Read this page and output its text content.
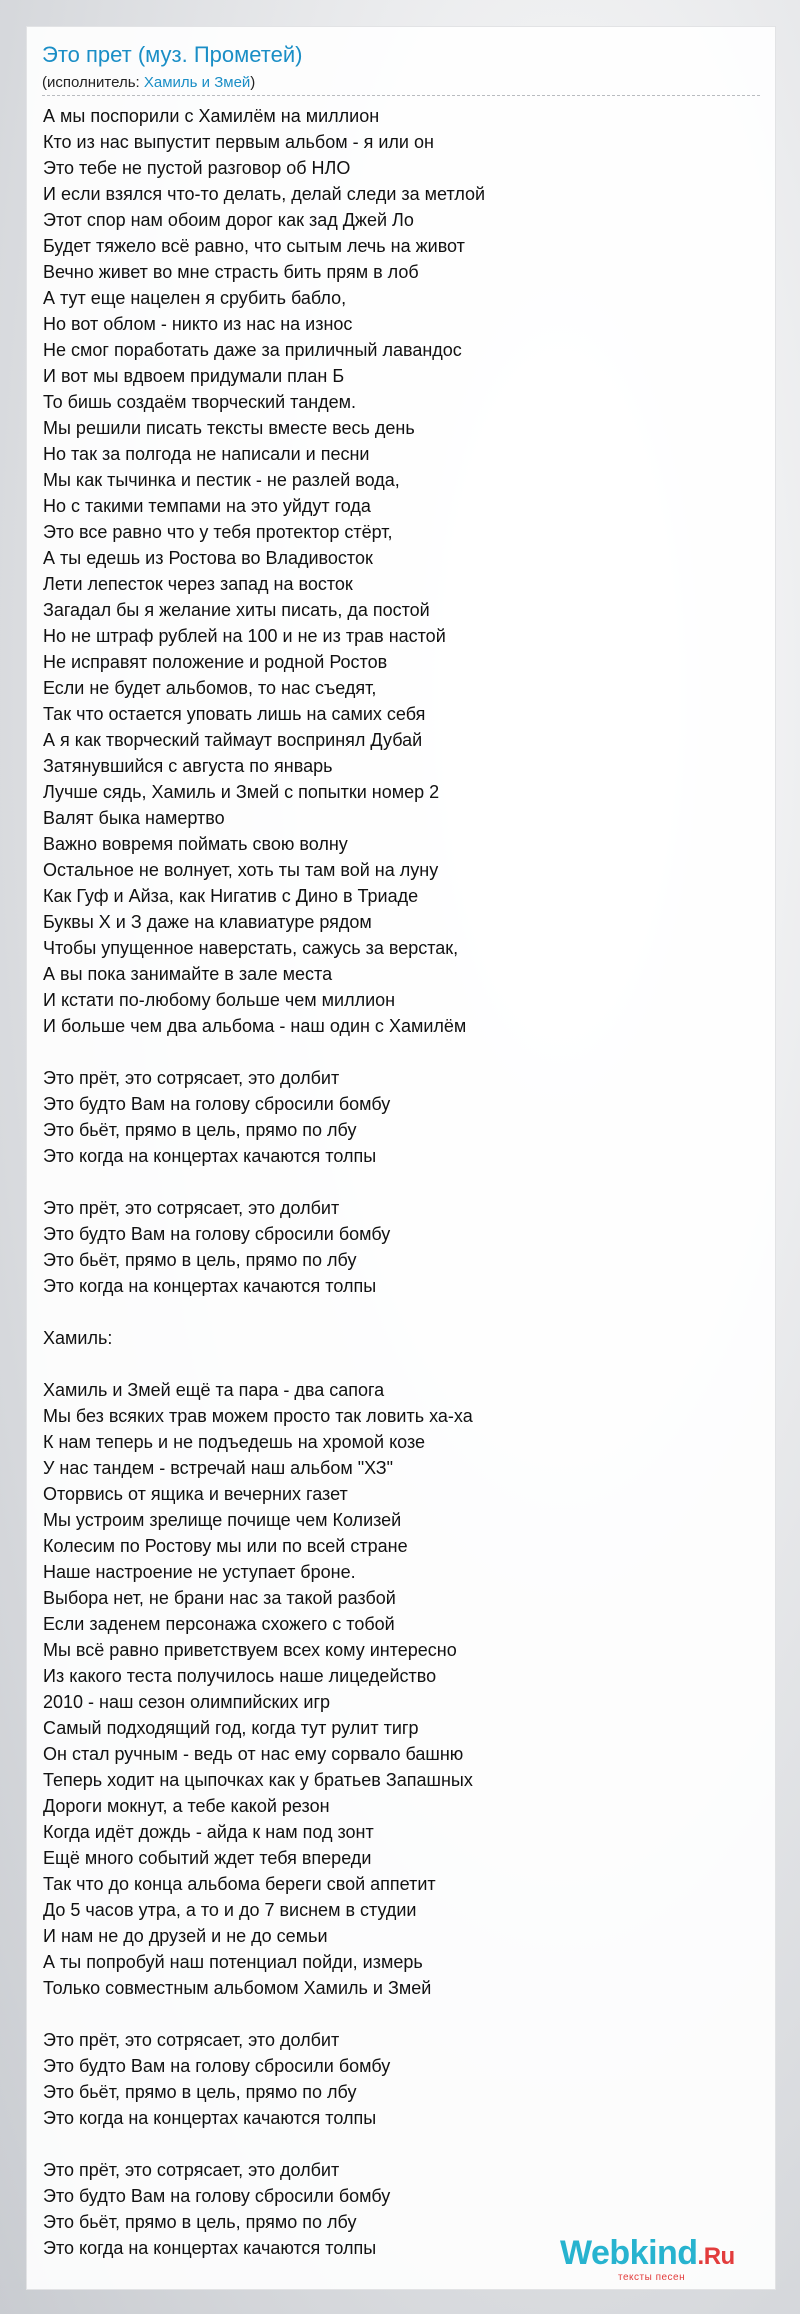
Это прет (муз. Прометей)
(исполнитель: Хамиль и Змей)
А мы поспорили с Хамилём на миллион
Кто из нас выпустит первым альбом - я или он
Это тебе не пустой разговор об НЛО
И если взялся что-то делать, делай следи за метлой
Этот спор нам обоим дорог как зад Джей Ло
Будет тяжело всё равно, что сытым лечь на живот
Вечно живет во мне страсть бить прям в лоб
А тут еще нацелен я срубить бабло,
Но вот облом - никто из нас на износ
Не смог поработать даже за приличный лавандос
И вот мы вдвоем придумали план Б
То бишь создаём творческий тандем.
Мы решили писать тексты вместе весь день
Но так за полгода не написали и песни
Мы как тычинка и пестик - не разлей вода,
Но с такими темпами на это уйдут года
Это все равно что у тебя протектор стёрт,
А ты едешь из Ростова во Владивосток
Лети лепесток через запад на восток
Загадал бы я желание хиты писать, да постой
Но не штраф рублей на 100 и не из трав настой
Не исправят положение и родной Ростов
Если не будет альбомов, то нас съедят,
Так что остается уповать лишь на самих себя
А я как творческий таймаут воспринял Дубай
Затянувшийся с августа по январь
Лучше сядь, Хамиль и Змей с попытки номер 2
Валят быка намертво
Важно вовремя поймать свою волну
Остальное не волнует, хоть ты там вой на луну
Как Гуф и Айза, как Нигатив с Дино в Триаде
Буквы Х и З даже на клавиатуре рядом
Чтобы упущенное наверстать, сажусь за верстак,
А вы пока занимайте в зале места
И кстати по-любому больше чем миллион
И больше чем два альбома - наш один с Хамилём

Это прёт, это сотрясает, это долбит
Это будто Вам на голову сбросили бомбу
Это бьёт, прямо в цель, прямо по лбу
Это когда на концертах качаются толпы

Это прёт, это сотрясает, это долбит
Это будто Вам на голову сбросили бомбу
Это бьёт, прямо в цель, прямо по лбу
Это когда на концертах качаются толпы

Хамиль:

Хамиль и Змей ещё та пара - два сапога
Мы без всяких трав можем просто так ловить ха-ха
К нам теперь и не подъедешь на хромой козе
У нас тандем - встречай наш альбом "ХЗ"
Оторвись от ящика и вечерних газет
Мы устроим зрелище почище чем Колизей
Колесим по Ростову мы или по всей стране
Наше настроение не уступает броне.
Выбора нет, не брани нас за такой разбой
Если заденем персонажа схожего с тобой
Мы всё равно приветствуем всех кому интересно
Из какого теста получилось наше лицедейство
2010 - наш сезон олимпийских игр
Самый подходящий год, когда тут рулит тигр
Он стал ручным - ведь от нас ему сорвало башню
Теперь ходит на цыпочках как у братьев Запашных
Дороги мокнут, а тебе какой резон
Когда идёт дождь - айда к нам под зонт
Ещё много событий ждет тебя впереди
Так что до конца альбома береги свой аппетит
До 5 часов утра, а то и до 7 виснем в студии
И нам не до друзей и не до семьи
А ты попробуй наш потенциал пойди, измерь
Только совместным альбомом Хамиль и Змей

Это прёт, это сотрясает, это долбит
Это будто Вам на голову сбросили бомбу
Это бьёт, прямо в цель, прямо по лбу
Это когда на концертах качаются толпы

Это прёт, это сотрясает, это долбит
Это будто Вам на голову сбросили бомбу
Это бьёт, прямо в цель, прямо по лбу
Это когда на концертах качаются толпы	Webkind.Ru
тексты песен
